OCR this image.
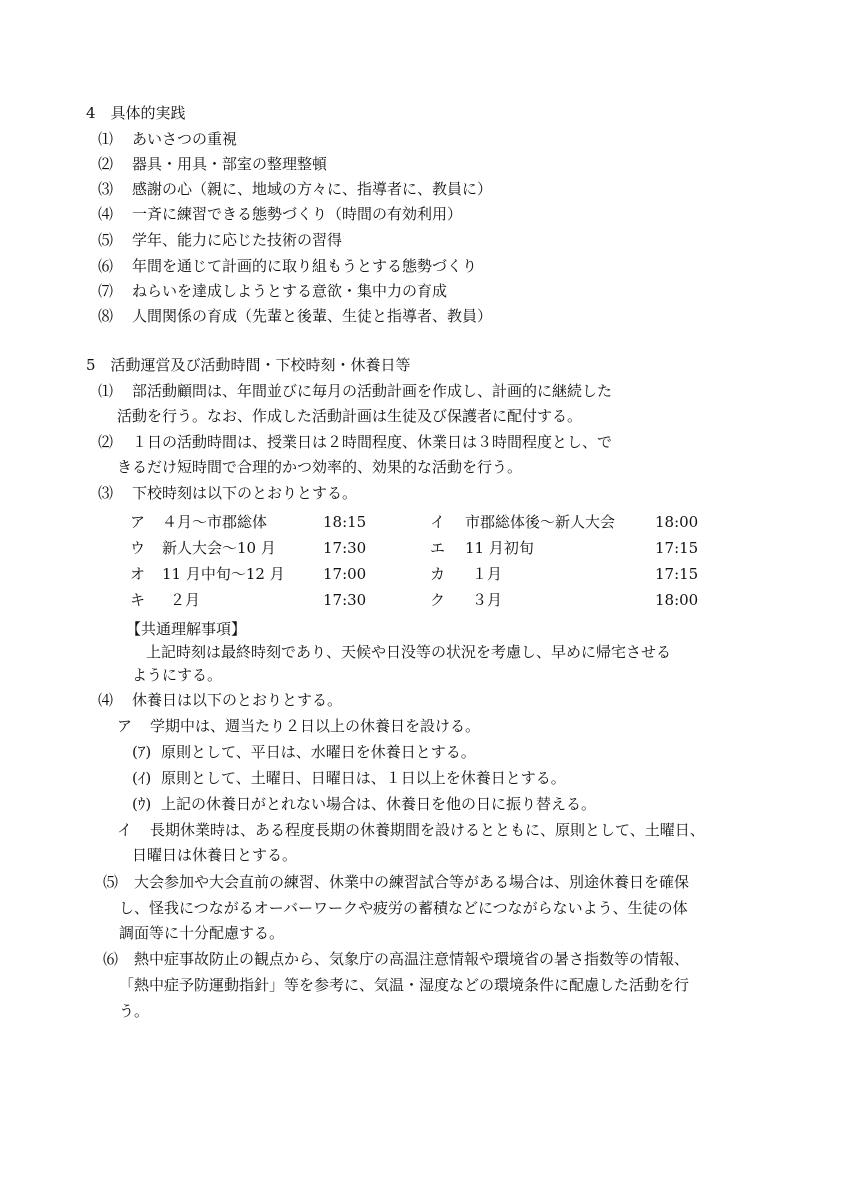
4　具体的実践
⑴ あいさつの重視
⑵ 器具・用具・部室の整理整頓
⑶ 感謝の心（親に、地域の方々に、指導者に、教員に）
⑷ 一斉に練習できる態勢づくり（時間の有効利用）
⑸ 学年、能力に応じた技術の習得
⑹ 年間を通じて計画的に取り組もうとする態勢づくり
⑺ ねらいを達成しようとする意欲・集中力の育成
⑻ 人間関係の育成（先輩と後輩、生徒と指導者、教員）
5　活動運営及び活動時間・下校時刻・休養日等
⑴ 部活動顧問は、年間並びに毎月の活動計画を作成し、計画的に継続した
活動を行う。なお、作成した活動計画は生徒及び保護者に配付する。
⑵ １日の活動時間は、授業日は２時間程度、休業日は３時間程度とし、で
きるだけ短時間で合理的かつ効率的、効果的な活動を行う。
⑶ 下校時刻は以下のとおりとする。
ア ４月～市郡総体	18:15	イ 市郡総体後～新人大会	18:00
ウ 新人大会～10 月	17:30	エ 11 月初旬	17:15
オ 11 月中旬～12 月	17:00	カ １月	17:15
キ ２月	17:30	ク ３月	18:00
【共通理解事項】
上記時刻は最終時刻であり、天候や日没等の状況を考慮し、早めに帰宅させる
ようにする。
⑷ 休養日は以下のとおりとする。
ア 学期中は、週当たり２日以上の休養日を設ける。
(ｱ) 原則として、平日は、水曜日を休養日とする。
(ｲ) 原則として、土曜日、日曜日は、１日以上を休養日とする。
(ｳ) 上記の休養日がとれない場合は、休養日を他の日に振り替える。
イ 長期休業時は、ある程度長期の休養期間を設けるとともに、原則として、土曜日、
日曜日は休養日とする。
⑸ 大会参加や大会直前の練習、休業中の練習試合等がある場合は、別途休養日を確保
し、怪我につながるオーバーワークや疲労の蓄積などにつながらないよう、生徒の体
調面等に十分配慮する。
⑹ 熱中症事故防止の観点から、気象庁の高温注意情報や環境省の暑さ指数等の情報、
「熱中症予防運動指針」等を参考に、気温・湿度などの環境条件に配慮した活動を行
う。
